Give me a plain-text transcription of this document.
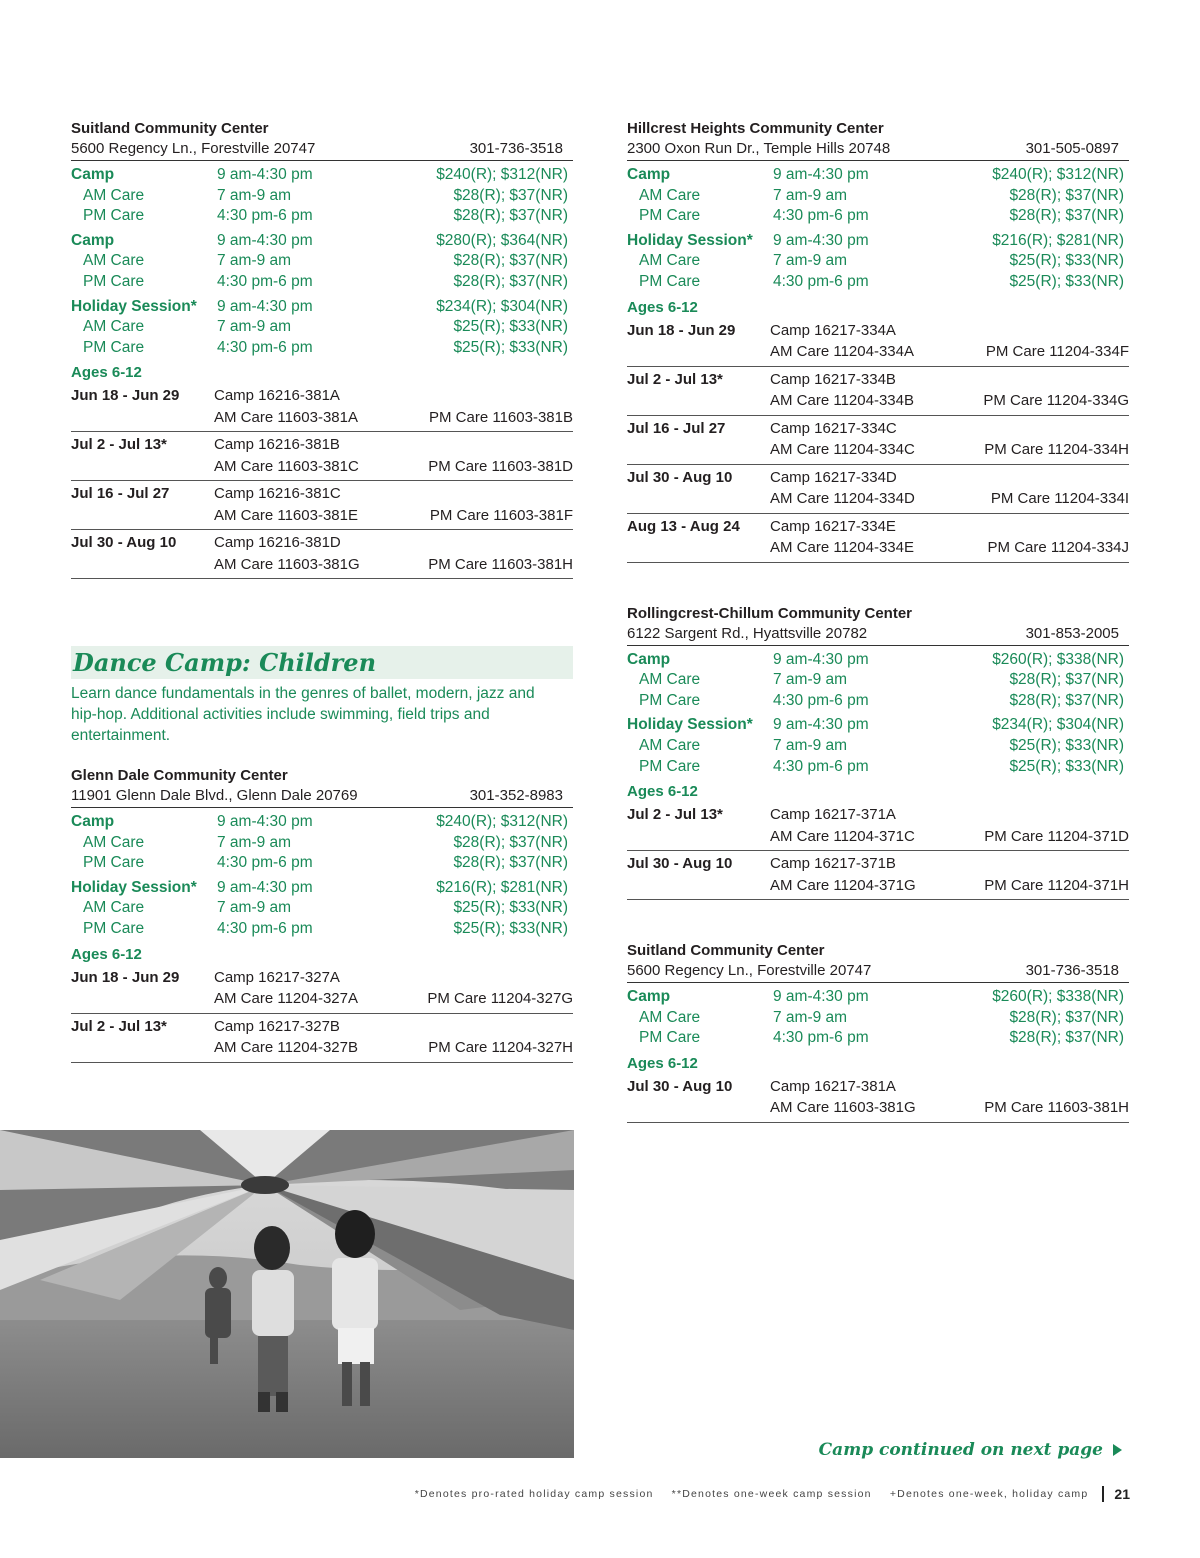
Suitland Community Center
5600 Regency Ln., Forestville 20747	301-736-3518
Camp	9 am-4:30 pm	$240(R); $312(NR)
AM Care	7 am-9 am	$28(R); $37(NR)
PM Care	4:30 pm-6 pm	$28(R); $37(NR)
Camp	9 am-4:30 pm	$280(R); $364(NR)
AM Care	7 am-9 am	$28(R); $37(NR)
PM Care	4:30 pm-6 pm	$28(R); $37(NR)
Holiday Session*	9 am-4:30 pm	$234(R); $304(NR)
AM Care	7 am-9 am	$25(R); $33(NR)
PM Care	4:30 pm-6 pm	$25(R); $33(NR)
Ages 6-12
Jun 18 - Jun 29	Camp 16216-381A
AM Care 11603-381A	PM Care 11603-381B
Jul 2 - Jul 13*	Camp 16216-381B
AM Care 11603-381C	PM Care 11603-381D
Jul 16 - Jul 27	Camp 16216-381C
AM Care 11603-381E	PM Care 11603-381F
Jul 30 - Aug 10	Camp 16216-381D
AM Care 11603-381G	PM Care 11603-381H
Dance Camp: Children
Learn dance fundamentals in the genres of ballet, modern, jazz and hip-hop. Additional activities include swimming, field trips and entertainment.
Glenn Dale Community Center
11901 Glenn Dale Blvd., Glenn Dale 20769	301-352-8983
Camp	9 am-4:30 pm	$240(R); $312(NR)
AM Care	7 am-9 am	$28(R); $37(NR)
PM Care	4:30 pm-6 pm	$28(R); $37(NR)
Holiday Session*	9 am-4:30 pm	$216(R); $281(NR)
AM Care	7 am-9 am	$25(R); $33(NR)
PM Care	4:30 pm-6 pm	$25(R); $33(NR)
Ages 6-12
Jun 18 - Jun 29	Camp 16217-327A
AM Care 11204-327A	PM Care 11204-327G
Jul 2 - Jul 13*	Camp 16217-327B
AM Care 11204-327B	PM Care 11204-327H
Hillcrest Heights Community Center
2300 Oxon Run Dr., Temple Hills 20748	301-505-0897
Camp	9 am-4:30 pm	$240(R); $312(NR)
AM Care	7 am-9 am	$28(R); $37(NR)
PM Care	4:30 pm-6 pm	$28(R); $37(NR)
Holiday Session*	9 am-4:30 pm	$216(R); $281(NR)
AM Care	7 am-9 am	$25(R); $33(NR)
PM Care	4:30 pm-6 pm	$25(R); $33(NR)
Ages 6-12
Jun 18 - Jun 29	Camp 16217-334A
AM Care 11204-334A	PM Care 11204-334F
Jul 2 - Jul 13*	Camp 16217-334B
AM Care 11204-334B	PM Care 11204-334G
Jul 16 - Jul 27	Camp 16217-334C
AM Care 11204-334C	PM Care 11204-334H
Jul 30 - Aug 10	Camp 16217-334D
AM Care 11204-334D	PM Care 11204-334I
Aug 13 - Aug 24	Camp 16217-334E
AM Care 11204-334E	PM Care 11204-334J
Rollingcrest-Chillum Community Center
6122 Sargent Rd., Hyattsville 20782	301-853-2005
Camp	9 am-4:30 pm	$260(R); $338(NR)
AM Care	7 am-9 am	$28(R); $37(NR)
PM Care	4:30 pm-6 pm	$28(R); $37(NR)
Holiday Session*	9 am-4:30 pm	$234(R); $304(NR)
AM Care	7 am-9 am	$25(R); $33(NR)
PM Care	4:30 pm-6 pm	$25(R); $33(NR)
Ages 6-12
Jul 2 - Jul 13*	Camp 16217-371A
AM Care 11204-371C	PM Care 11204-371D
Jul 30 - Aug 10	Camp 16217-371B
AM Care 11204-371G	PM Care 11204-371H
Suitland Community Center
5600 Regency Ln., Forestville 20747	301-736-3518
Camp	9 am-4:30 pm	$260(R); $338(NR)
AM Care	7 am-9 am	$28(R); $37(NR)
PM Care	4:30 pm-6 pm	$28(R); $37(NR)
Ages 6-12
Jul 30 - Aug 10	Camp 16217-381A
AM Care 11603-381G	PM Care 11603-381H
Camp continued on next page
*Denotes pro-rated holiday camp session **Denotes one-week camp session +Denotes one-week, holiday camp 21
